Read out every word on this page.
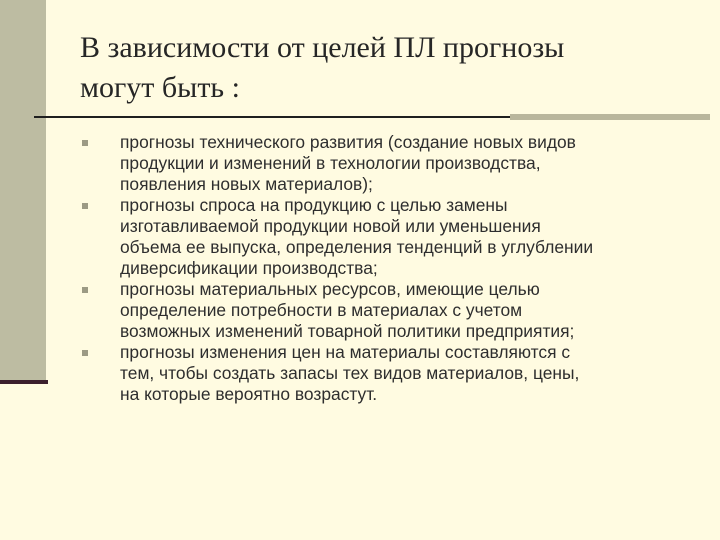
В зависимости от целей ПЛ прогнозы
могут быть :
прогнозы технического развития (создание новых видов
продукции и изменений в технологии производства,
появления новых материалов);
прогнозы спроса на продукцию с целью замены
изготавливаемой продукции новой или уменьшения
объема ее выпуска, определения тенденций в углублении
диверсификации производства;
прогнозы материальных ресурсов, имеющие целью
определение потребности в материалах с учетом
возможных изменений товарной политики предприятия;
прогнозы изменения цен на материалы составляются с
тем, чтобы создать запасы тех видов материалов, цены,
на которые вероятно возрастут.
